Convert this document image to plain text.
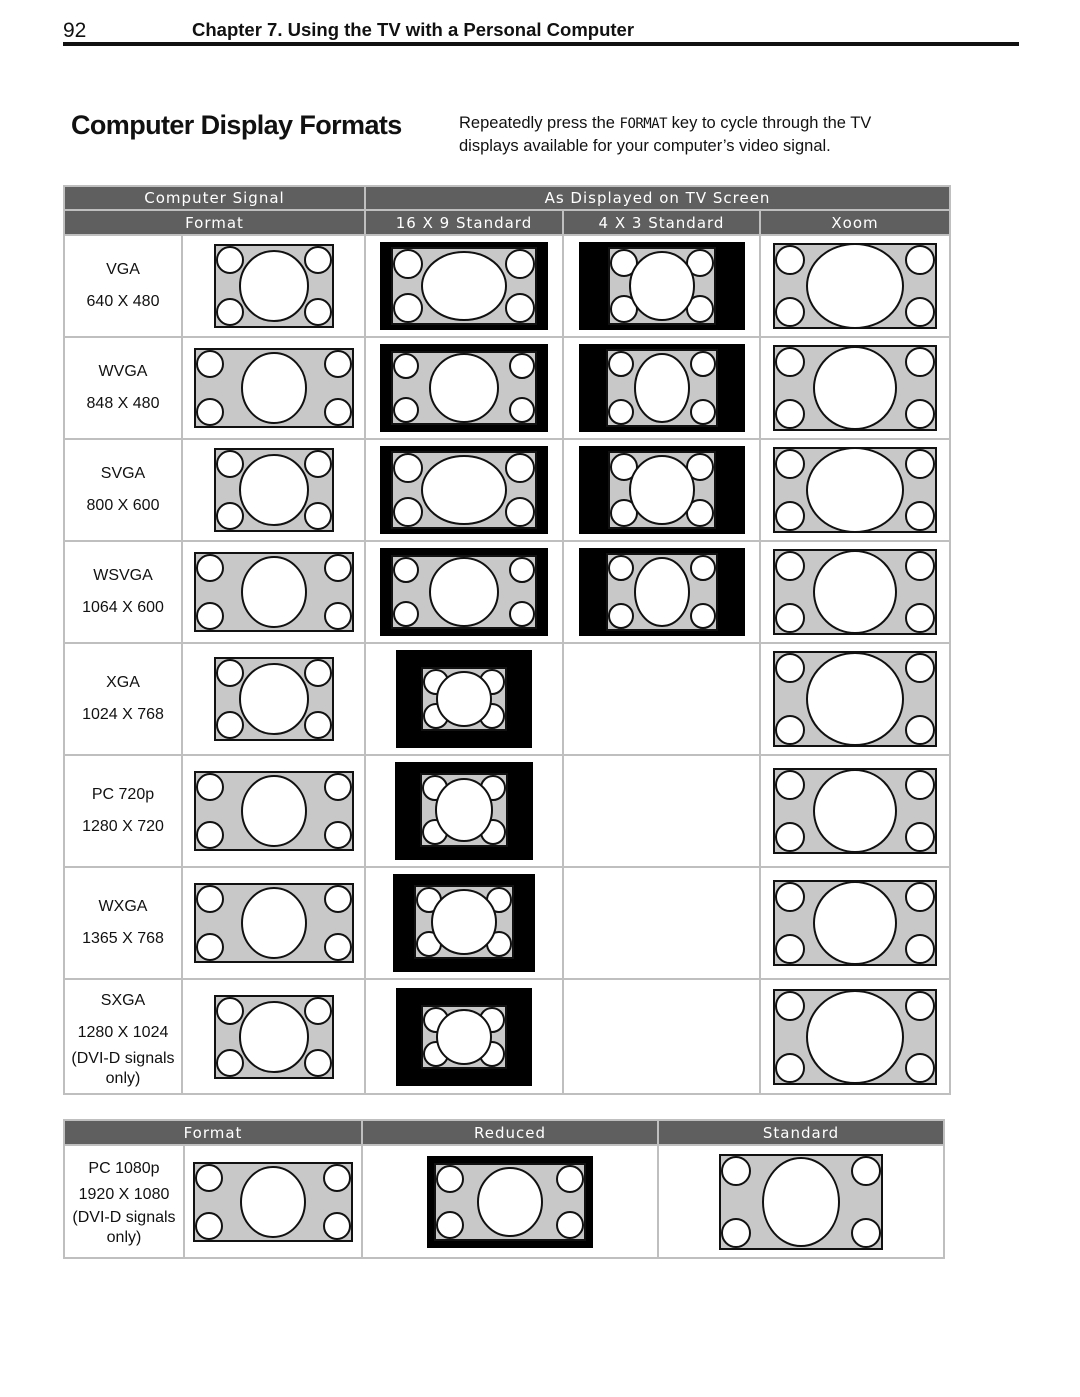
92	Chapter 7. Using the TV with a Personal Computer
Computer Display Formats	Repeatedly press the FORMAT key to cycle through the TV displays available for your computer’s video signal.
Computer Signal		As Displayed on TV Screen		
Format		16 X 9 Standard	4 X 3 Standard	Xoom
VGA
640 X 480	

WVGA
848 X 480	

SVGA
800 X 600	

WSVGA
1064 X 600	

XGA
1024 X 768	

PC 720p
1280 X 720	

WXGA
1365 X 768	

SXGA
1280 X 1024
(DVI-D signals only)

Format		Reduced	Standard
PC 1080p
1920 X 1080
(DVI-D signals only)
